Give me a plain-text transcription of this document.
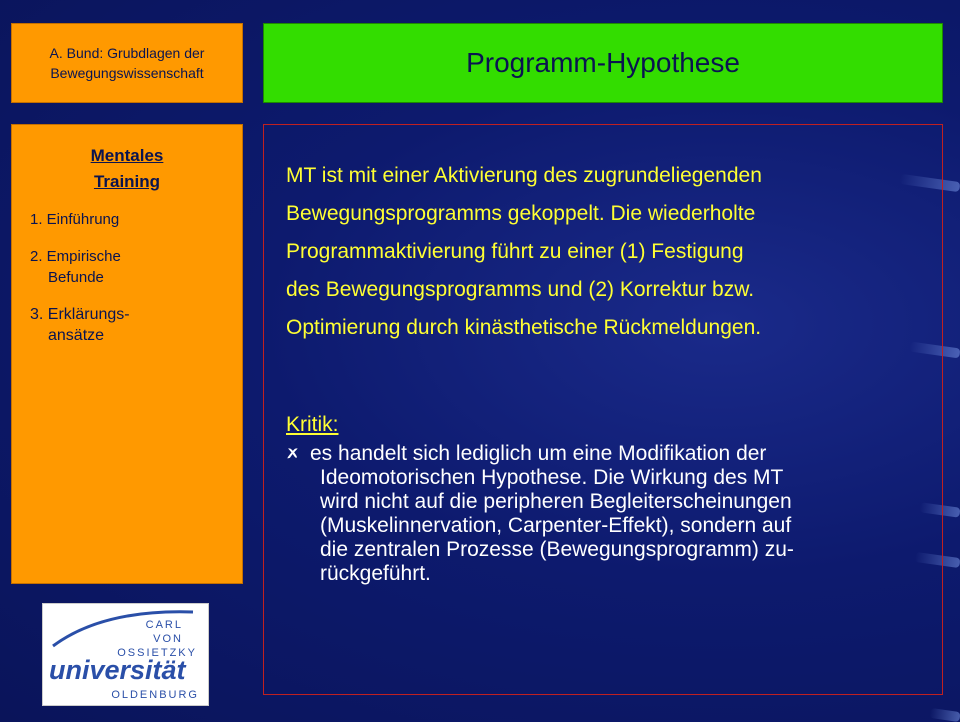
A. Bund: Grubdlagen der
Bewegungswissenschaft	Programm-Hypothese
Mentales
Training
1. Einführung
2. Empirische
Befunde
3. Erklärungs-
ansätze
CARL
VON
OSSIETZKY
universität
OLDENBURG
MT ist mit einer Aktivierung des zugrundeliegenden
Bewegungsprogramms gekoppelt. Die wiederholte
Programmaktivierung führt zu einer (1) Festigung
des Bewegungsprogramms und (2) Korrektur bzw.
Optimierung durch kinästhetische Rückmeldungen.
Kritik:
🗶 es handelt sich lediglich um eine Modifikation der
Ideomotorischen Hypothese. Die Wirkung des MT
wird nicht auf die peripheren Begleiterscheinungen
(Muskelinnervation, Carpenter-Effekt), sondern auf
die zentralen Prozesse (Bewegungsprogramm) zu-
rückgeführt.
